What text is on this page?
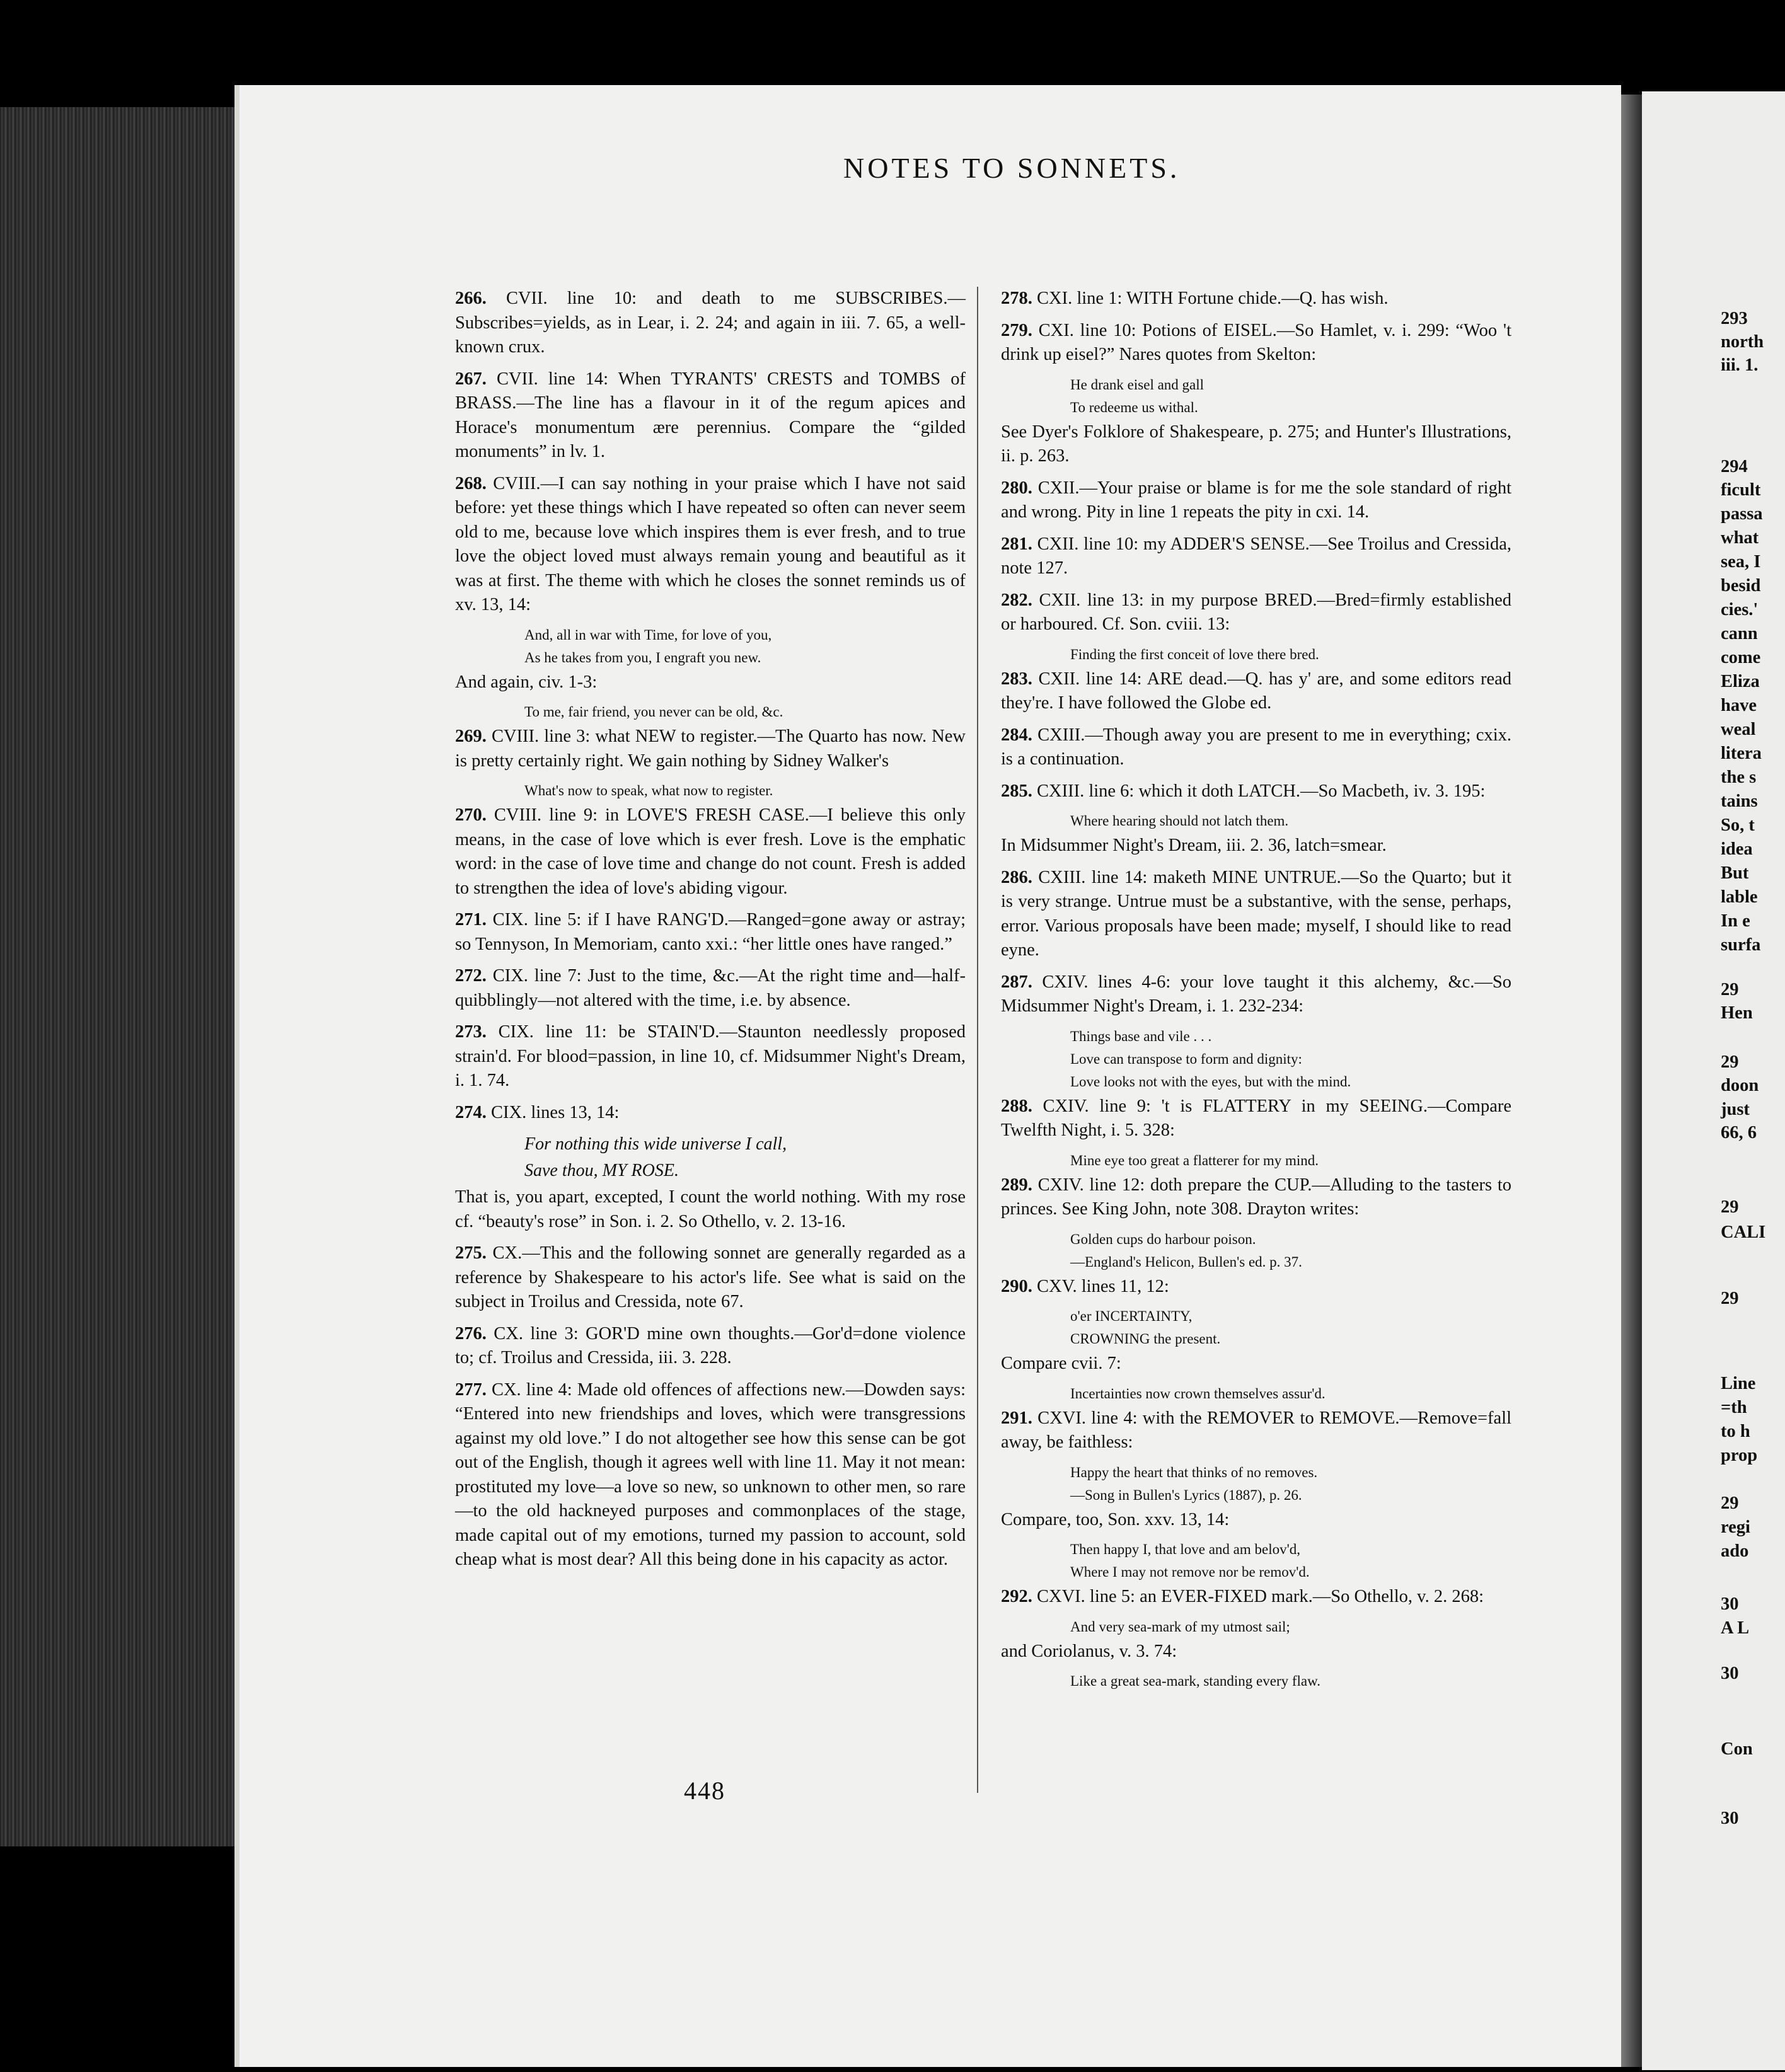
293
north
iii. 1.
294
ficult
passa
what
sea, I
besid
cies.'
cann
come
Eliza
have
weal
litera
the s
tains
So, t
idea
But
lable
In e
surfa
29
Hen
29
doon
just
66, 6
29
CALI
29
Line
=th
to h
prop
29
regi
ado
30
A L
30
Con
30
NOTES TO SONNETS.

266. CVII. line 10: and death to me SUBSCRIBES.—Subscribes=yields, as in Lear, i. 2. 24; and again in iii. 7. 65, a well-known crux.

267. CVII. line 14: When TYRANTS' CRESTS and TOMBS of BRASS.—The line has a flavour in it of the regum apices and Horace's monumentum ære perennius. Compare the “gilded monuments” in lv. 1.

268. CVIII.—I can say nothing in your praise which I have not said before: yet these things which I have repeated so often can never seem old to me, because love which inspires them is ever fresh, and to true love the object loved must always remain young and beautiful as it was at first. The theme with which he closes the sonnet reminds us of xv. 13, 14:

And, all in war with Time, for love of you,
As he takes from you, I engraft you new.

And again, civ. 1-3:

To me, fair friend, you never can be old, &c.

269. CVIII. line 3: what NEW to register.—The Quarto has now. New is pretty certainly right. We gain nothing by Sidney Walker's

What's now to speak, what now to register.

270. CVIII. line 9: in LOVE'S FRESH CASE.—I believe this only means, in the case of love which is ever fresh. Love is the emphatic word: in the case of love time and change do not count. Fresh is added to strengthen the idea of love's abiding vigour.

271. CIX. line 5: if I have RANG'D.—Ranged=gone away or astray; so Tennyson, In Memoriam, canto xxi.: “her little ones have ranged.”

272. CIX. line 7: Just to the time, &c.—At the right time and—half-quibblingly—not altered with the time, i.e. by absence.

273. CIX. line 11: be STAIN'D.—Staunton needlessly proposed strain'd. For blood=passion, in line 10, cf. Midsummer Night's Dream, i. 1. 74.

274. CIX. lines 13, 14:

For nothing this wide universe I call,
Save thou, MY ROSE.

That is, you apart, excepted, I count the world nothing. With my rose cf. “beauty's rose” in Son. i. 2. So Othello, v. 2. 13-16.

275. CX.—This and the following sonnet are generally regarded as a reference by Shakespeare to his actor's life. See what is said on the subject in Troilus and Cressida, note 67.

276. CX. line 3: GOR'D mine own thoughts.—Gor'd=done violence to; cf. Troilus and Cressida, iii. 3. 228.

277. CX. line 4: Made old offences of affections new.—Dowden says: “Entered into new friendships and loves, which were transgressions against my old love.” I do not altogether see how this sense can be got out of the English, though it agrees well with line 11. May it not mean: prostituted my love—a love so new, so unknown to other men, so rare—to the old hackneyed purposes and commonplaces of the stage, made capital out of my emotions, turned my passion to account, sold cheap what is most dear? All this being done in his capacity as actor.

278. CXI. line 1: WITH Fortune chide.—Q. has wish.

279. CXI. line 10: Potions of EISEL.—So Hamlet, v. i. 299: “Woo 't drink up eisel?” Nares quotes from Skelton:

He drank eisel and gall
To redeeme us withal.

See Dyer's Folklore of Shakespeare, p. 275; and Hunter's Illustrations, ii. p. 263.

280. CXII.—Your praise or blame is for me the sole standard of right and wrong. Pity in line 1 repeats the pity in cxi. 14.

281. CXII. line 10: my ADDER'S SENSE.—See Troilus and Cressida, note 127.

282. CXII. line 13: in my purpose BRED.—Bred=firmly established or harboured. Cf. Son. cviii. 13:

Finding the first conceit of love there bred.

283. CXII. line 14: ARE dead.—Q. has y' are, and some editors read they're. I have followed the Globe ed.

284. CXIII.—Though away you are present to me in everything; cxix. is a continuation.

285. CXIII. line 6: which it doth LATCH.—So Macbeth, iv. 3. 195:

Where hearing should not latch them.

In Midsummer Night's Dream, iii. 2. 36, latch=smear.

286. CXIII. line 14: maketh MINE UNTRUE.—So the Quarto; but it is very strange. Untrue must be a substantive, with the sense, perhaps, error. Various proposals have been made; myself, I should like to read eyne.

287. CXIV. lines 4-6: your love taught it this alchemy, &c.—So Midsummer Night's Dream, i. 1. 232-234:

Things base and vile . . .
Love can transpose to form and dignity:
Love looks not with the eyes, but with the mind.

288. CXIV. line 9: 't is FLATTERY in my SEEING.—Compare Twelfth Night, i. 5. 328:

Mine eye too great a flatterer for my mind.

289. CXIV. line 12: doth prepare the CUP.—Alluding to the tasters to princes. See King John, note 308. Drayton writes:

Golden cups do harbour poison.
—England's Helicon, Bullen's ed. p. 37.

290. CXV. lines 11, 12:

o'er INCERTAINTY,
CROWNING the present.

Compare cvii. 7:

Incertainties now crown themselves assur'd.

291. CXVI. line 4: with the REMOVER to REMOVE.—Remove=fall away, be faithless:

Happy the heart that thinks of no removes.
—Song in Bullen's Lyrics (1887), p. 26.

Compare, too, Son. xxv. 13, 14:

Then happy I, that love and am belov'd,
Where I may not remove nor be remov'd.

292. CXVI. line 5: an EVER-FIXED mark.—So Othello, v. 2. 268:

And very sea-mark of my utmost sail;

and Coriolanus, v. 3. 74:

Like a great sea-mark, standing every flaw.
448
